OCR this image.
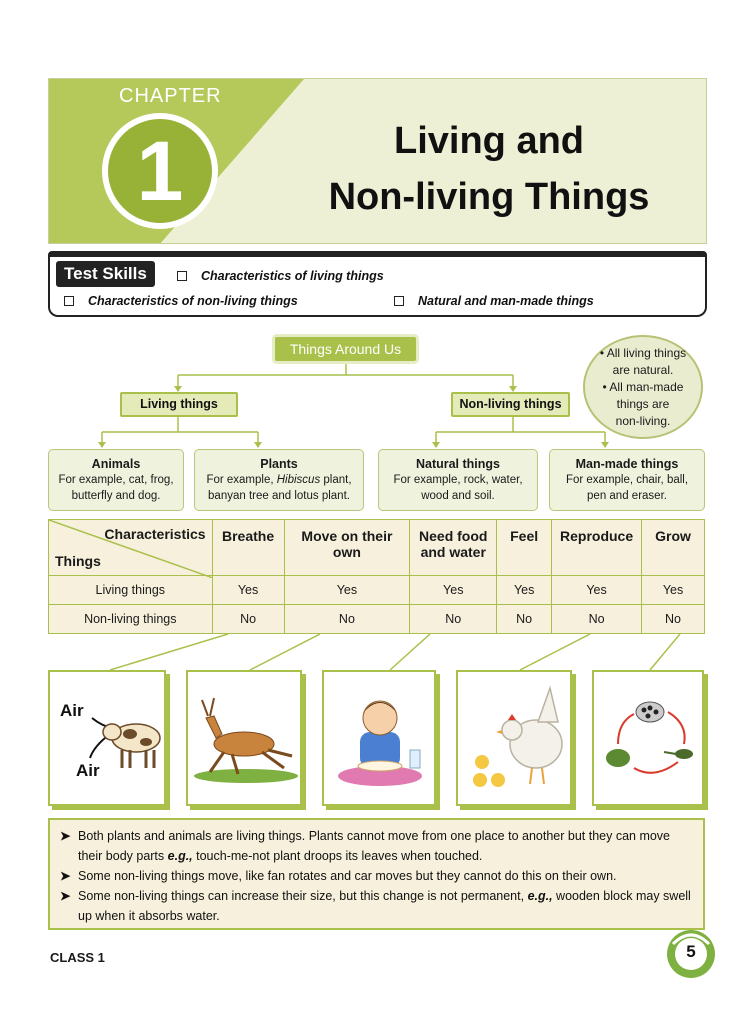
CHAPTER
1	Living and
Non-living Things
Test Skills	Characteristics of living things
Characteristics of non-living things	Natural and man-made things
Things Around Us
Living things	Non-living things
Animals
For example, cat, frog,
butterfly and dog.
Plants
For example, Hibiscus plant,
banyan tree and lotus plant.
Natural things
For example, rock, water,
wood and soil.
Man-made things
For example, chair, ball,
pen and eraser.
• All living things
are natural.
• All man-made
things are
non-living.
Characteristics
Things	Breathe	Move on their own	Need food and water	Feel	Reproduce	Grow
Living things	Yes	Yes	Yes	Yes	Yes	Yes
Non-living things	No	No	No	No	No	No
Air
Air
➤ Both plants and animals are living things. Plants cannot move from one place to another but they can move their body parts e.g., touch-me-not plant droops its leaves when touched.
➤ Some non-living things move, like fan rotates and car moves but they cannot do this on their own.
➤ Some non-living things can increase their size, but this change is not permanent, e.g., wooden block may swell up when it absorbs water.
CLASS 1	5
